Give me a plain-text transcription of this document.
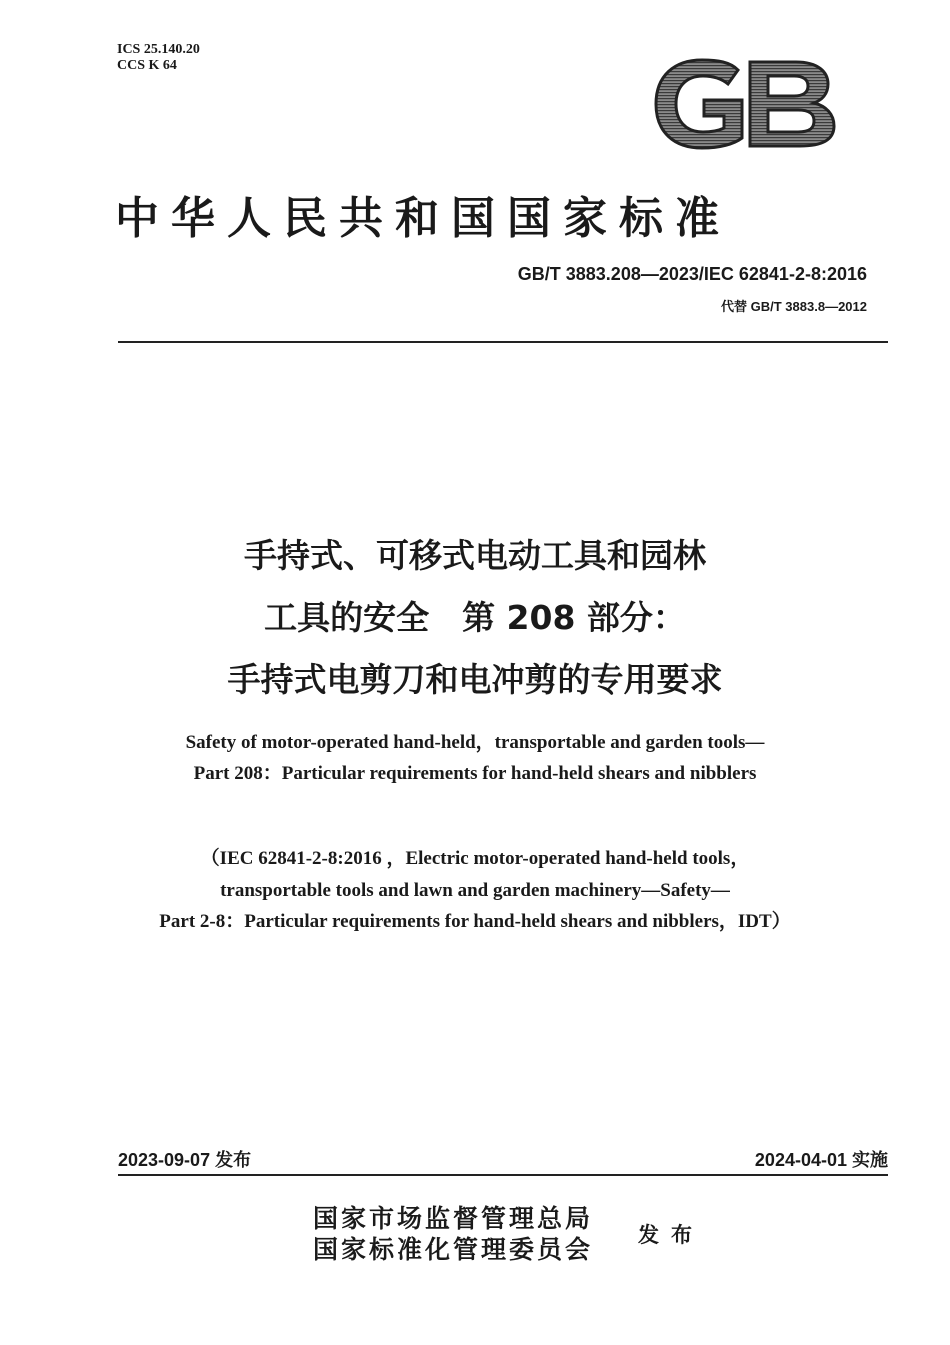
ICS 25.140.20
CCS K 64
GB
中华人民共和国国家标准
GB/T 3883.208—2023/IEC 62841-2-8:2016
代替 GB/T 3883.8—2012
手持式、可移式电动工具和园林
工具的安全　第 208 部分：
手持式电剪刀和电冲剪的专用要求
Safety of motor-operated hand-held，transportable and garden tools—
Part 208：Particular requirements for hand-held shears and nibblers
（IEC 62841-2-8:2016 ，Electric motor-operated hand-held tools，
transportable tools and lawn and garden machinery—Safety—
Part 2-8：Particular requirements for hand-held shears and nibblers，IDT）
2023-09-07 发布	2024-04-01 实施
国家市场监督管理总局
国家标准化管理委员会
发布
